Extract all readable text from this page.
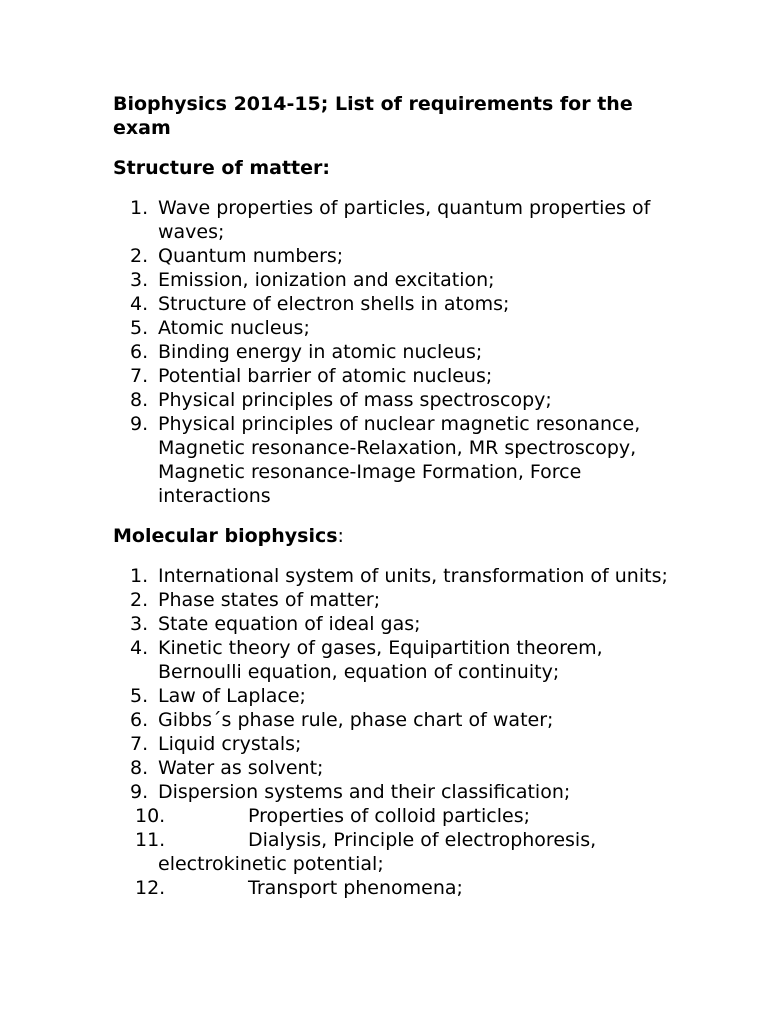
Biophysics 2014-15; List of requirements for the exam

Structure of matter:

1. Wave properties of particles, quantum properties of waves;
2. Quantum numbers;
3. Emission, ionization and excitation;
4. Structure of electron shells in atoms;
5. Atomic nucleus;
6. Binding energy in atomic nucleus;
7. Potential barrier of atomic nucleus;
8. Physical principles of mass spectroscopy;
9. Physical principles of nuclear magnetic resonance, Magnetic resonance-Relaxation, MR spectroscopy, Magnetic resonance-Image Formation, Force interactions

Molecular biophysics:

1. International system of units, transformation of units;
2. Phase states of matter;
3. State equation of ideal gas;
4. Kinetic theory of gases, Equipartition theorem, Bernoulli equation, equation of continuity;
5. Law of Laplace;
6. Gibbs´s phase rule, phase chart of water;
7. Liquid crystals;
8. Water as solvent;
9. Dispersion systems and their classification;
10.	Properties of colloid particles;
11.	Dialysis, Principle of electrophoresis, electrokinetic potential;
12.	Transport phenomena;
